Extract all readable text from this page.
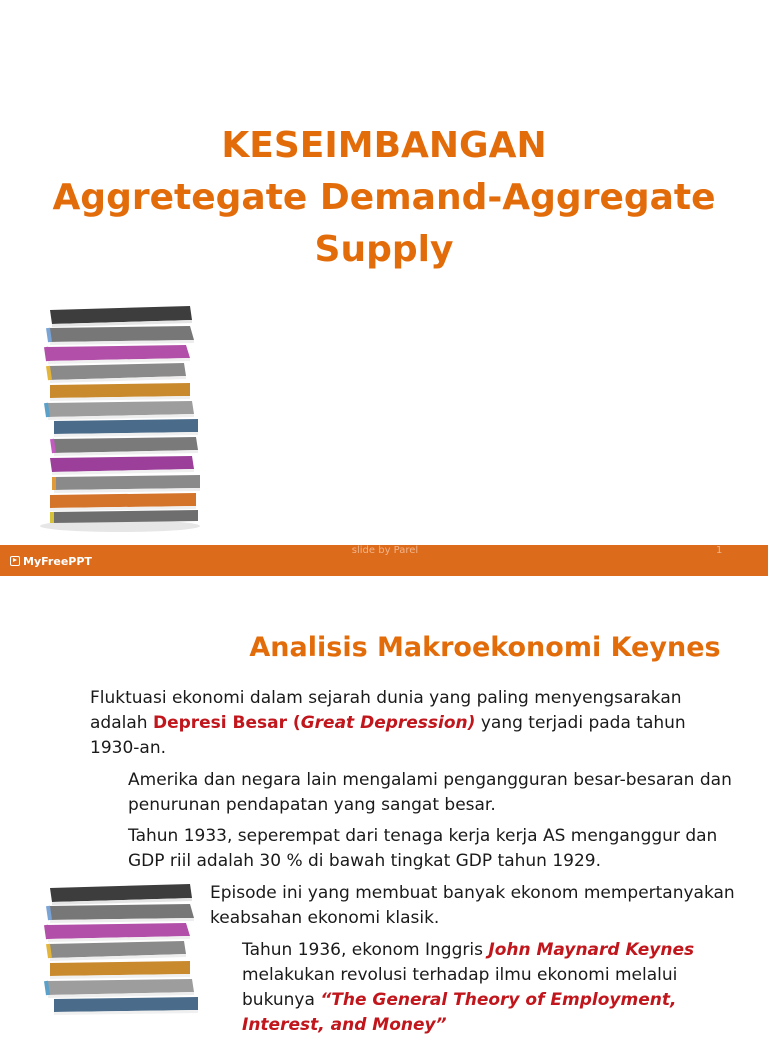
KESEIMBANGAN
Aggretegate Demand-Aggregate
Supply
MyFreePPT
slide by Parel	1
Analisis Makroekonomi Keynes
Fluktuasi ekonomi dalam sejarah dunia yang paling menyengsarakan adalah Depresi Besar (Great Depression) yang terjadi pada tahun 1930-an.
Amerika dan negara lain mengalami pengangguran besar-besaran dan penurunan pendapatan yang sangat besar.
Tahun 1933, seperempat dari tenaga kerja kerja AS menganggur dan GDP riil adalah 30 % di bawah tingkat GDP tahun 1929.
Episode ini yang membuat banyak ekonom mempertanyakan keabsahan ekonomi klasik.
Tahun 1936, ekonom Inggris John Maynard Keynes melakukan revolusi terhadap ilmu ekonomi melalui bukunya “The General Theory of Employment, Interest, and Money”
